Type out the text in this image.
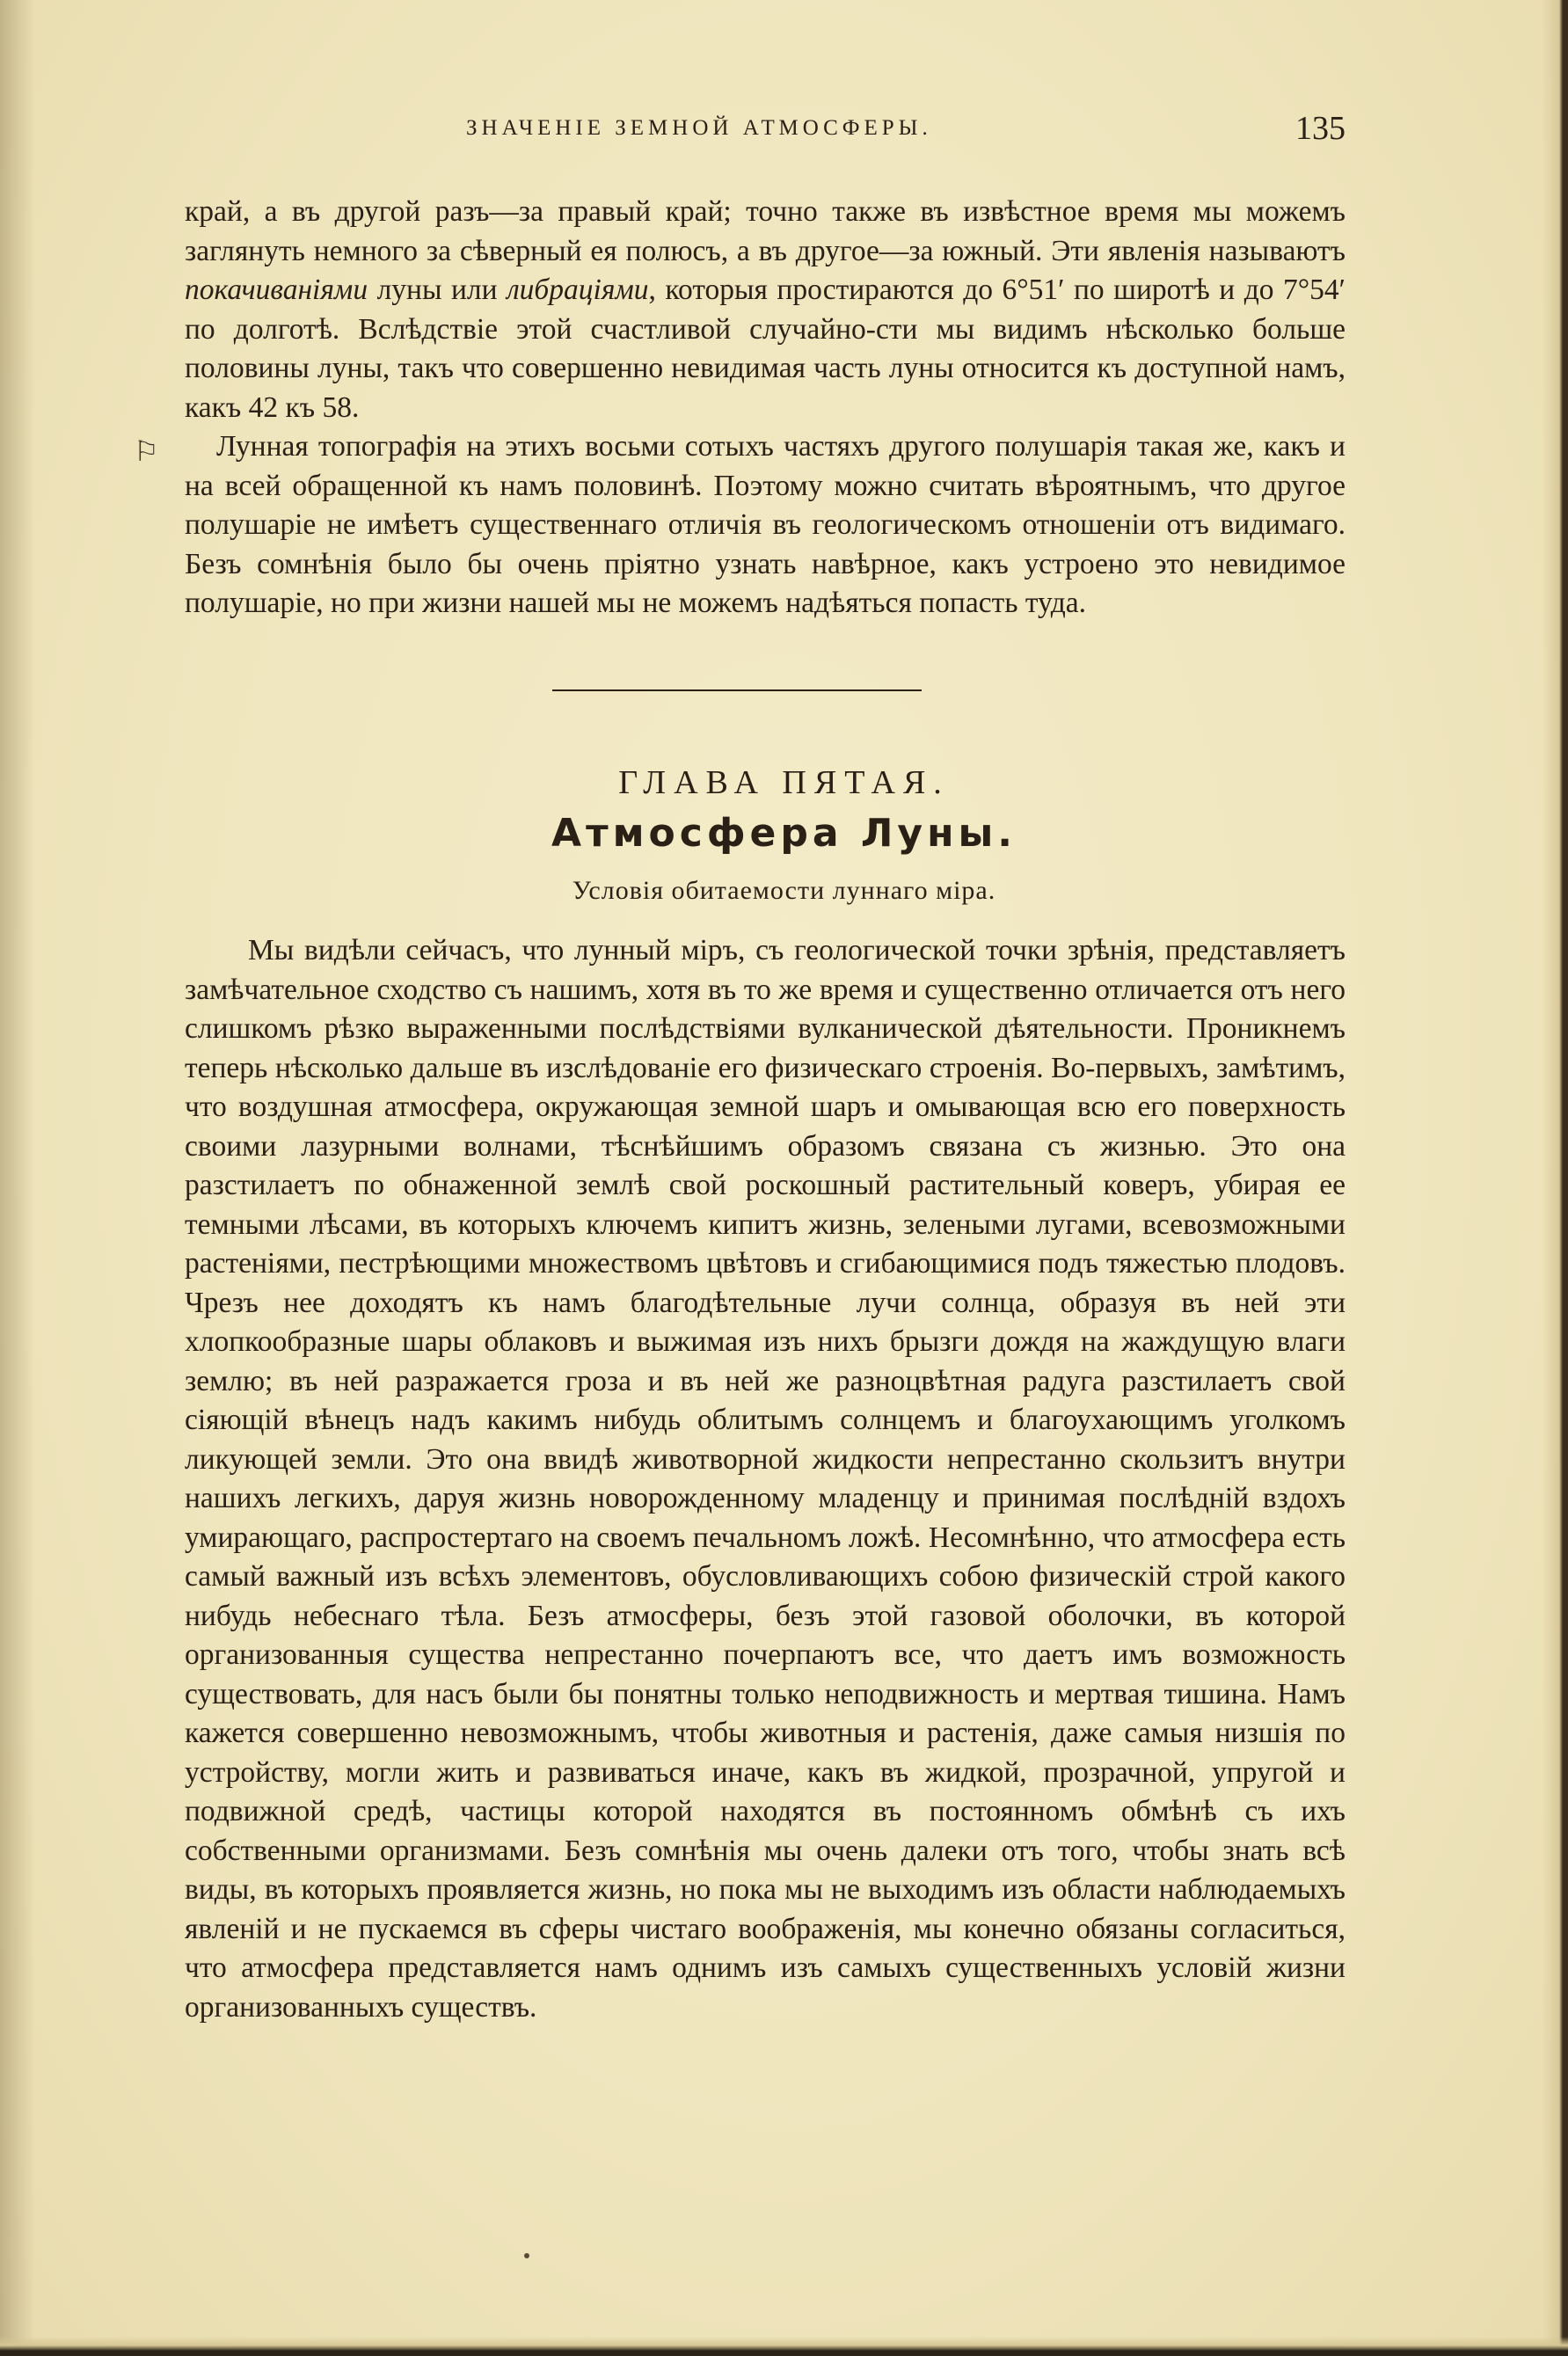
ЗНАЧЕНІЕ ЗЕМНОЙ АТМОСФЕРЫ.	135

край, а въ другой разъ—за правый край; точно также въ извѣстное время мы можемъ заглянуть немного за сѣверный ея полюсъ, а въ другое—за южный. Эти явленія называютъ покачиваніями луны или либраціями, которыя простираются до 6°51′ по широтѣ и до 7°54′ по долготѣ. Вслѣдствіе этой счастливой случайно-сти мы видимъ нѣсколько больше половины луны, такъ что совершенно невидимая часть луны относится къ доступной намъ, какъ 42 къ 58.

Лунная топографія на этихъ восьми сотыхъ частяхъ другого полушарія такая же, какъ и на всей обращенной къ намъ половинѣ. Поэтому можно считать вѣроятнымъ, что другое полушаріе не имѣетъ существеннаго отличія въ геологическомъ отношеніи отъ видимаго. Безъ сомнѣнія было бы очень пріятно узнать навѣрное, какъ устроено это невидимое полушаріе, но при жизни нашей мы не можемъ надѣяться попасть туда.

⚐
ГЛАВА ПЯТАЯ.
Атмосфера Луны.
Условія обитаемости луннаго міра.

Мы видѣли сейчасъ, что лунный міръ, съ геологической точки зрѣнія, представляетъ замѣчательное сходство съ нашимъ, хотя въ то же время и существенно отличается отъ него слишкомъ рѣзко выраженными послѣдствіями вулканической дѣятельности. Проникнемъ теперь нѣсколько дальше въ изслѣдованіе его физическаго строенія. Во-первыхъ, замѣтимъ, что воздушная атмосфера, окружающая земной шаръ и омывающая всю его поверхность своими лазурными волнами, тѣснѣйшимъ образомъ связана съ жизнью. Это она разстилаетъ по обнаженной землѣ свой роскошный растительный коверъ, убирая ее темными лѣсами, въ которыхъ ключемъ кипитъ жизнь, зелеными лугами, всевозможными растеніями, пестрѣющими множествомъ цвѣтовъ и сгибающимися подъ тяжестью плодовъ. Чрезъ нее доходятъ къ намъ благодѣтельные лучи солнца, образуя въ ней эти хлопкообразные шары облаковъ и выжимая изъ нихъ брызги дождя на жаждущую влаги землю; въ ней разражается гроза и въ ней же разноцвѣтная радуга разстилаетъ свой сіяющій вѣнецъ надъ какимъ нибудь облитымъ солнцемъ и благоухающимъ уголкомъ ликующей земли. Это она ввидѣ животворной жидкости непрестанно скользитъ внутри нашихъ легкихъ, даруя жизнь новорожденному младенцу и принимая послѣдній вздохъ умирающаго, распростертаго на своемъ печальномъ ложѣ. Несомнѣнно, что атмосфера есть самый важный изъ всѣхъ элементовъ, обусловливающихъ собою физическій строй какого нибудь небеснаго тѣла. Безъ атмосферы, безъ этой газовой оболочки, въ которой организованныя существа непрестанно почерпаютъ все, что даетъ имъ возможность существовать, для насъ были бы понятны только неподвижность и мертвая тишина. Намъ кажется совершенно невозможнымъ, чтобы животныя и растенія, даже самыя низшія по устройству, могли жить и развиваться иначе, какъ въ жидкой, прозрачной, упругой и подвижной средѣ, частицы которой находятся въ постоянномъ обмѣнѣ съ ихъ собственными организмами. Безъ сомнѣнія мы очень далеки отъ того, чтобы знать всѣ виды, въ которыхъ проявляется жизнь, но пока мы не выходимъ изъ области наблюдаемыхъ явленій и не пускаемся въ сферы чистаго воображенія, мы конечно обязаны согласиться, что атмосфера представляется намъ однимъ изъ самыхъ существенныхъ условій жизни организованныхъ существъ.
